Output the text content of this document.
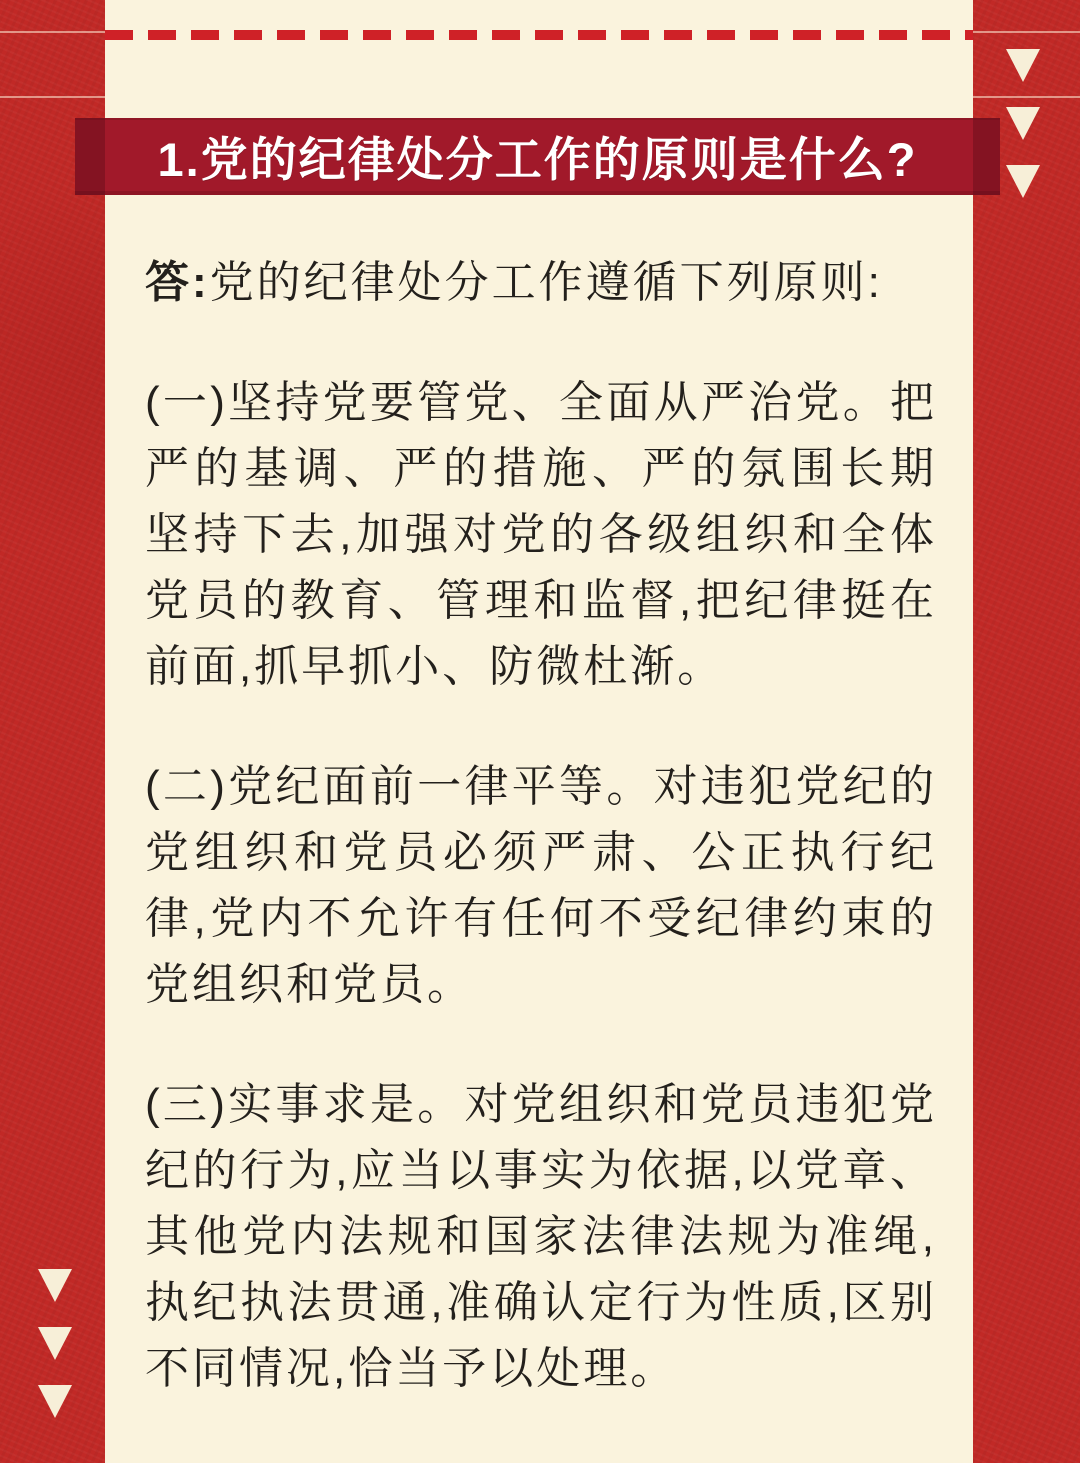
1.党的纪律处分工作的原则是什么?

答:党的纪律处分工作遵循下列原则:

(一)坚持党要管党、全面从严治党。把严的基调、严的措施、严的氛围长期坚持下去,加强对党的各级组织和全体党员的教育、管理和监督,把纪律挺在前面,抓早抓小、防微杜渐。

(二)党纪面前一律平等。对违犯党纪的党组织和党员必须严肃、公正执行纪律,党内不允许有任何不受纪律约束的党组织和党员。

(三)实事求是。对党组织和党员违犯党纪的行为,应当以事实为依据,以党章、其他党内法规和国家法律法规为准绳,执纪执法贯通,准确认定行为性质,区别不同情况,恰当予以处理。
